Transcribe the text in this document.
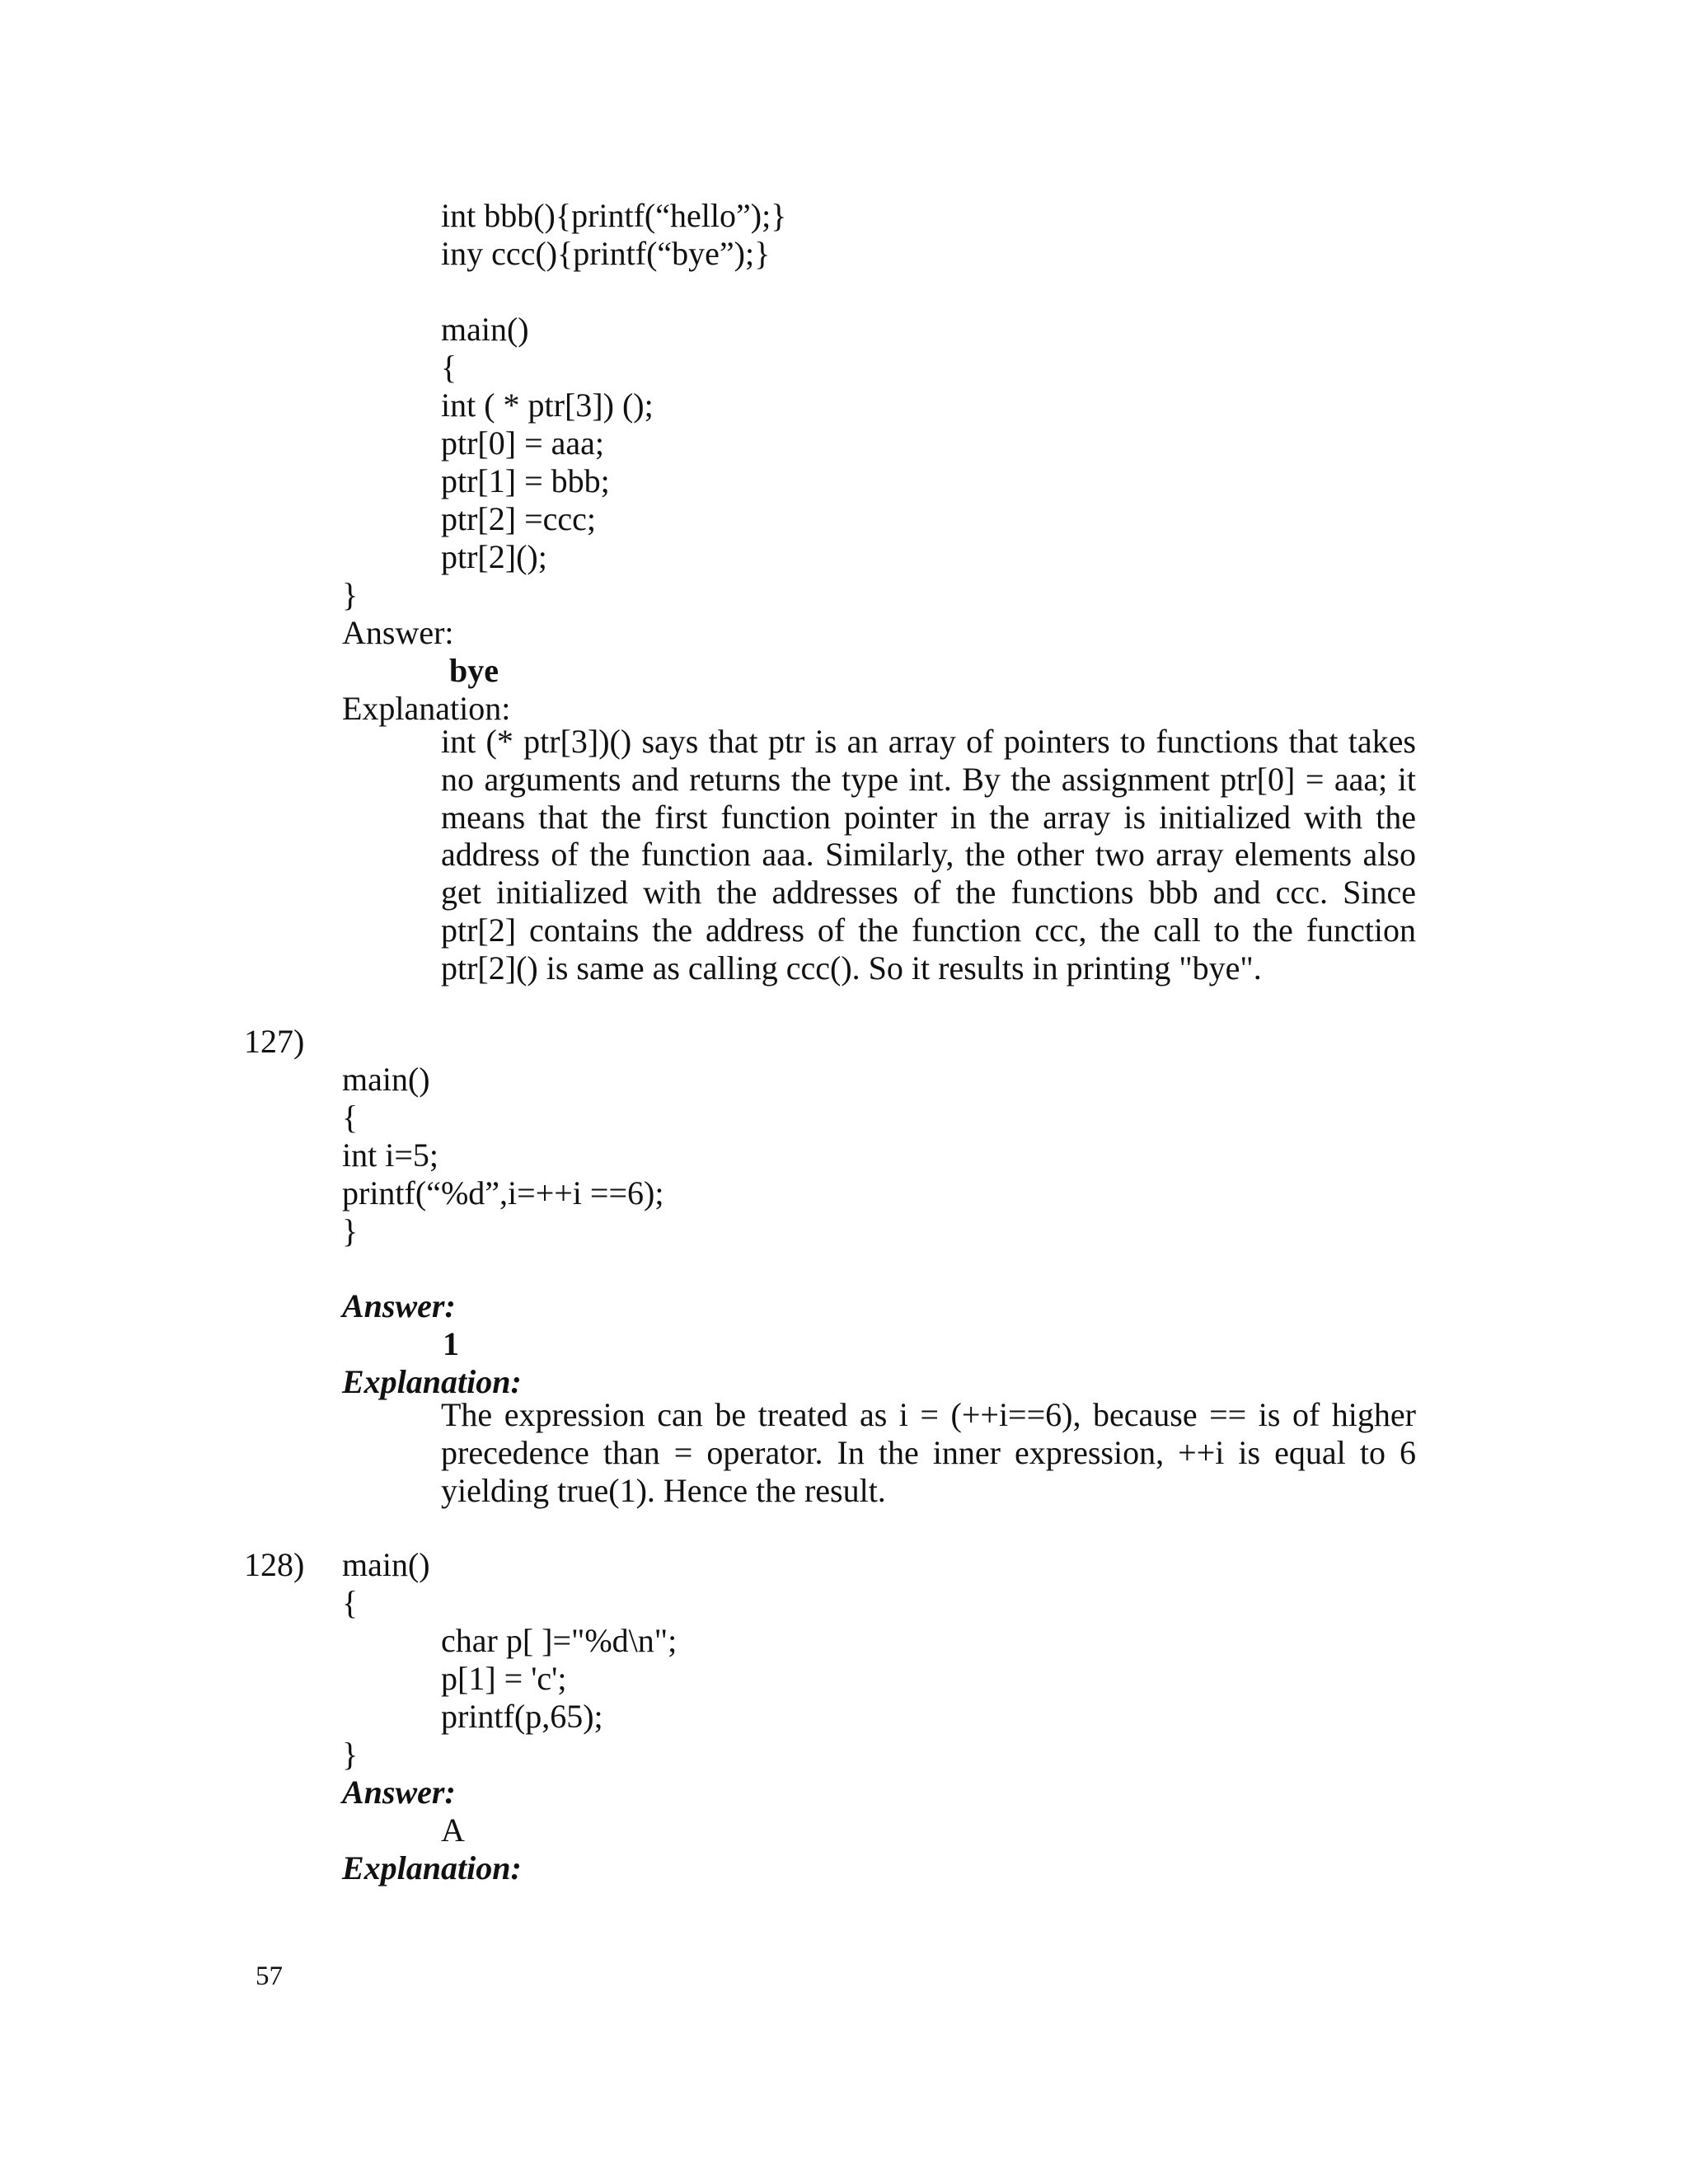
int bbb(){printf(“hello”);}
iny ccc(){printf(“bye”);}
main()
{
int ( * ptr[3]) ();
ptr[0] = aaa;
ptr[1] = bbb;
ptr[2] =ccc;
ptr[2]();
}
Answer:
bye
Explanation:
int (* ptr[3])() says that ptr is an array of pointers to functions that takes no arguments and returns the type int. By the assignment ptr[0] = aaa; it means that the first function pointer in the array is initialized with the address of the function aaa. Similarly, the other two array elements also get initialized with the addresses of the functions bbb and ccc. Since ptr[2] contains the address of the function ccc, the call to the function ptr[2]() is same as calling ccc(). So it results in printing "bye".
127)
main()
{
int i=5;
printf(“%d”,i=++i ==6);
}
Answer:
1
Explanation:
The expression can be treated as i = (++i==6), because == is of higher precedence than = operator. In the inner expression, ++i is equal to 6 yielding true(1). Hence the result.
128) main()
{
char p[ ]="%d\n";
p[1] = 'c';
printf(p,65);
}
Answer:
A
Explanation:
57
